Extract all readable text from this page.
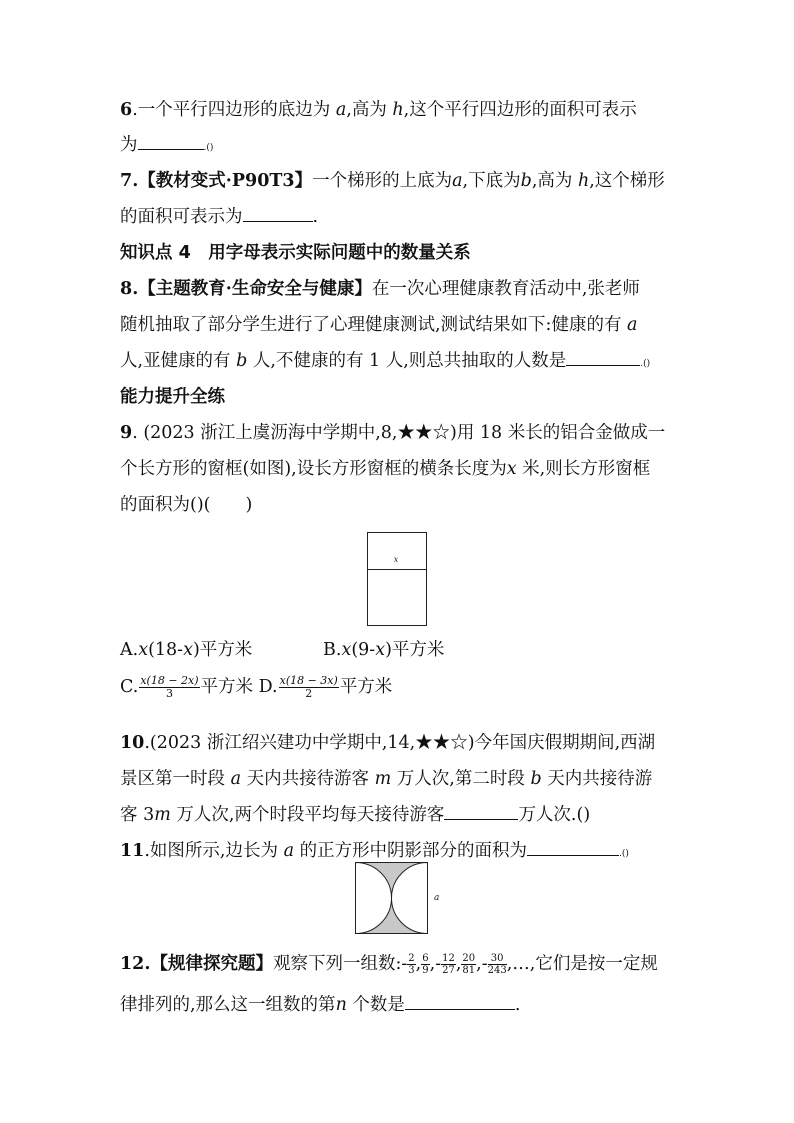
6.一个平行四边形的底边为 a,高为 h,这个平行四边形的面积可表示
为	.()
7.【教材变式·P90T3】一个梯形的上底为a,下底为b,高为 h,这个梯形
的面积可表示为	.
知识点 4　用字母表示实际问题中的数量关系
8.【主题教育·生命安全与健康】在一次心理健康教育活动中,张老师
随机抽取了部分学生进行了心理健康测试,测试结果如下:健康的有 a
人,亚健康的有 b 人,不健康的有 1 人,则总共抽取的人数是	.()
能力提升全练
9. (2023 浙江上虞沥海中学期中,8,★★☆)用 18 米长的铝合金做成一
个长方形的窗框(如图),设长方形窗框的横条长度为x 米,则长方形窗框
的面积为()(　　)
x
A.x(18-x)平方米	B.x(9-x)平方米
C. $\frac{x(18 - 2x)}{3}$ 平方米 D. $\frac{x(18 - 3x)}{2}$ 平方米
10.(2023 浙江绍兴建功中学期中,14,★★☆)今年国庆假期期间,西湖
景区第一时段 a 天内共接待游客 m 万人次,第二时段 b 天内共接待游
客 3m 万人次,两个时段平均每天接待游客	万人次.()
11.如图所示,边长为 a 的正方形中阴影部分的面积为	.()
a
12.【规律探究题】观察下列一组数:- $\frac{2}{3}$ , $\frac{6}{9}$ ,- $\frac{12}{27}$ , $\frac{20}{81}$ ,- $\frac{30}{243}$ ,…,它们是按一定规
律排列的,那么这一组数的第n 个数是	.
